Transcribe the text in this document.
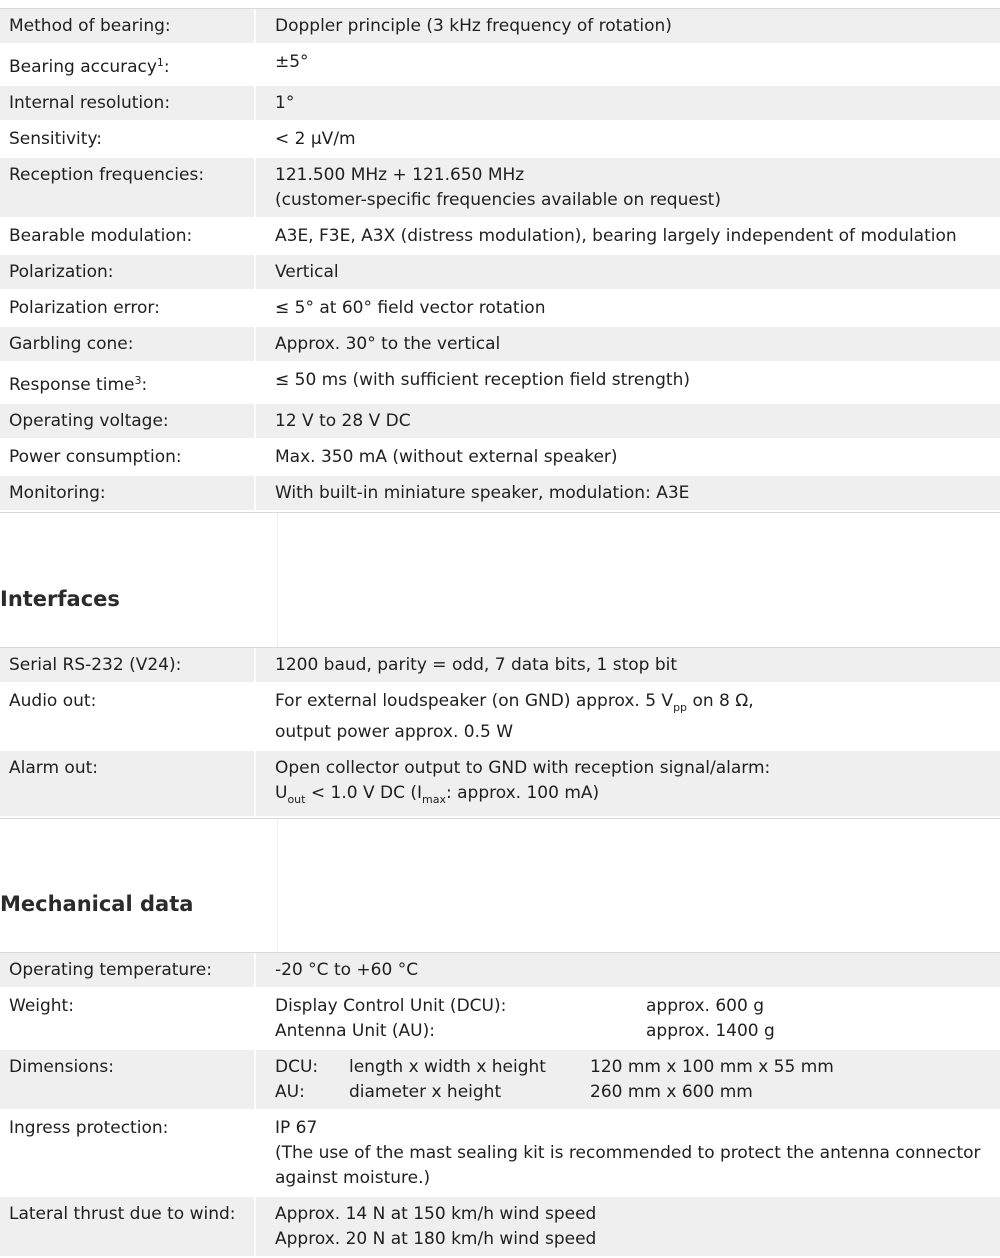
Method of bearing:	Doppler principle (3 kHz frequency of rotation)
Bearing accuracy$^1$:	±5°
Internal resolution:	1°
Sensitivity:	< 2 µV/m
Reception frequencies:	121.500 MHz + 121.650 MHz
(customer-specific frequencies available on request)
Bearable modulation:	A3E, F3E, A3X (distress modulation), bearing largely independent of modulation
Polarization:	Vertical
Polarization error:	≤ 5° at 60° field vector rotation
Garbling cone:	Approx. 30° to the vertical
Response time$^3$:	≤ 50 ms (with sufficient reception field strength)
Operating voltage:	12 V to 28 V DC
Power consumption:	Max. 350 mA (without external speaker)
Monitoring:	With built-in miniature speaker, modulation: A3E
Interfaces
Serial RS-232 (V24):	1200 baud, parity = odd, 7 data bits, 1 stop bit
Audio out:	For external loudspeaker (on GND) approx. 5 $V_{pp}$ on 8 Ω,
output power approx. 0.5 W
Alarm out:	Open collector output to GND with reception signal/alarm:
$U_{out} < 1.0$ V DC ($I_{max}$: approx. 100 mA)
Mechanical data
Operating temperature:	-20 °C to +60 °C
Weight:	Display Control Unit (DCU):	approx. 600 g
Antenna Unit (AU):	approx. 1400 g
Dimensions:	DCU:	length x width x height	120 mm x 100 mm x 55 mm
AU:	diameter x height	260 mm x 600 mm
Ingress protection:	IP 67
(The use of the mast sealing kit is recommended to protect the antenna connector
against moisture.)
Lateral thrust due to wind:	Approx. 14 N at 150 km/h wind speed
Approx. 20 N at 180 km/h wind speed
